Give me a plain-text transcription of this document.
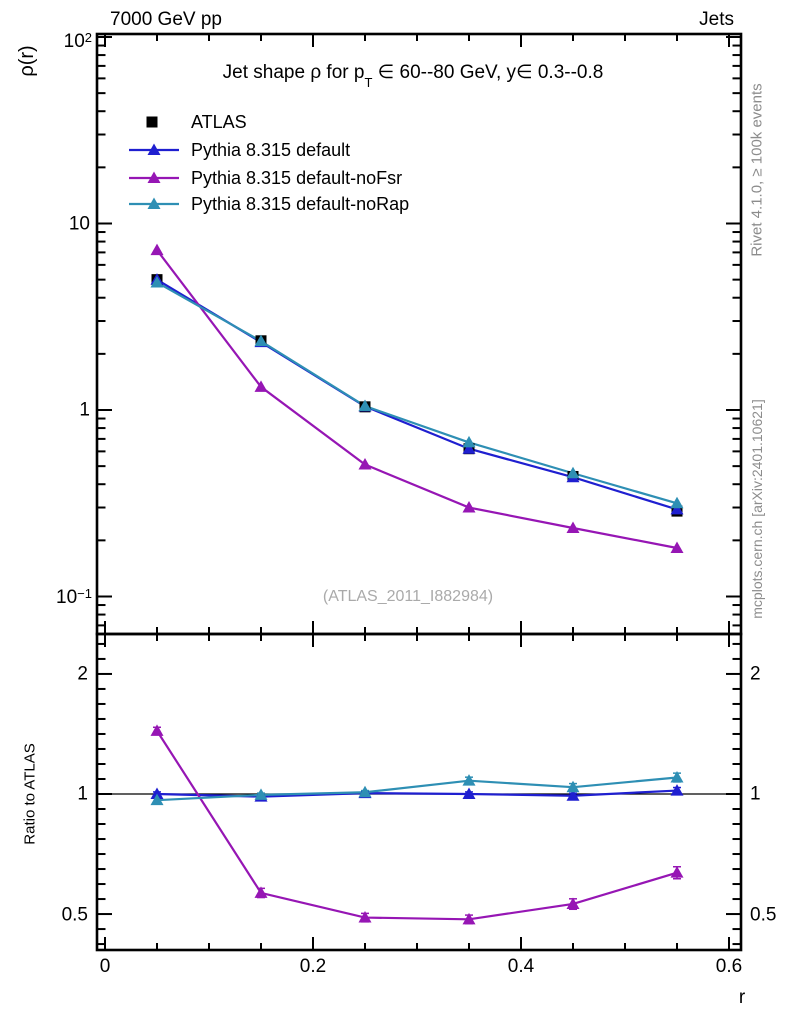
7000 GeV pp	Jets
ρ(r)	Jet shape ρ for $p_T$ ∈ 60--80 GeV, y∈ 0.3--0.8
ATLAS
Pythia 8.315 default
Pythia 8.315 default-noFsr
Pythia 8.315 default-noRap
(ATLAS_2011_I882984)
$10^2$
10
1
$10^{-1}$
Ratio to ATLAS
2
1
0.5
2
1
0.5
0	0.2	0.4	0.6
r
Rivet 4.1.0, ≥ 100k events
mcplots.cern.ch [arXiv:2401.10621]
